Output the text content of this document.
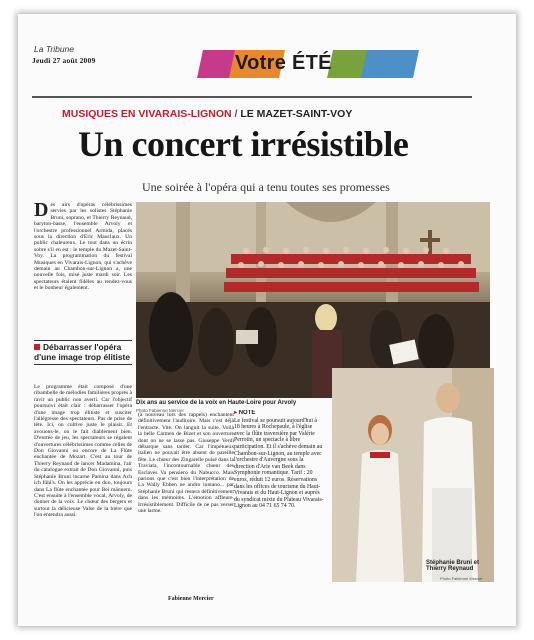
La Tribune
Jeudi 27 août 2009	Votre ÉTÉ
MUSIQUES EN VIVARAIS-LIGNON / LE MAZET-SAINT-VOY
Un concert irrésistible
Une soirée à l'opéra qui a tenu toutes ses promesses
Des airs d'opéras célébrissimes servies par les solistes Stéphanie Bruni, soprano, et Thierry Reynaud, baryton-basse, l'ensemble Arvoly et l'orchestre professionnel Armida, placés sous la direction d'Eric Mauclaux. Un public chaleureux. Le tout dans un écrin sobre s'il en est : le temple du Mazet-Saint-Voy. La programmation du festival Musiques en Vivarais-Lignon, qui s'achève demain au Chambon-sur-Lignon a, une nouvelle fois, misé juste mardi soir. Les spectateurs étaient fidèles au rendez-vous et le bonheur également.
Débarrasser l'opéra d'une image trop élitiste
Le programme était composé d'une ribambelle de mélodies familières propres à ravir un public non averti. Car l'objectif poursuivi était clair : débarrasser l'opéra d'une image trop élitiste et susciter l'allégresse des spectateurs. Pas de prise de tête. Ici, on cultive juste le plaisir. Et avouons-le, on le fait diablement bien. D'entrée de jeu, les spectateurs se régalent d'ouvertures célébrissimes comme celles de Don Giovanni ou encore de La Flûte enchantée de Mozart. C'est au tour de Thierry Reynaud de lancer Madamina, l'air du catalogue extrait de Don Giovanni, puis Stéphanie Bruni incarne Pamina dans Ach ich fühl's. On les apprécie en duo, toujours dans La flûte enchantée pour Bei männern. C'est ensuite à l'ensemble vocal, Arvoly, de donner de la voix. Le chœur des bergers et surtout la délicieuse Valse de la bière que l'on entendra aussi.
Dix ans au service de la voix en Haute-Loire pour Arvoly
Photo Fabienne Mercier
(à nouveau lors des rappels) enchantent définitivement l'auditoire. Mais c'est déjà l'entracte. Vite. On languit la suite. Voilà la belle Carmen de Bizet et son ouverture dont on ne se lasse pas. Giuseppe Verdi débarque sans tarder. Car l'impétueux italien ne pouvait être absent de pareille fête. Le chœur des Zingarelle puisé dans la Traviata, l'incontournable chœur des Esclaves Va pensiero du Nabucco. Mais parions que c'est bien l'interprétation de La Wally Ebben ne andro lontano... par Stéphanie Bruni qui restera définitivement dans les mémoires. L'émotion affleure. Irrésistiblement. Difficile de ne pas verser une larme.
Fabienne Mercier
▸ NOTE
Le festival se poursuit aujourd'hui à 18 heures à Rochepaule, à l'église avec la flûte traversière par Valérie Perrotin, un spectacle à libre participation. Et il s'achève demain au Chambon-sur-Lignon, au temple avec l'orchestre d'Auvergne sous la direction d'Arie van Beek dans Symphonie romantique. Tarif : 20 euros, réduit 12 euros. Réservations dans les offices de tourisme du Haut-Vivarais et du Haut-Lignon et auprès du syndicat mixte du Plateau Vivarais-Lignon au 04 71 65 74 70.
Stéphanie Bruni et Thierry Reynaud
Photo Fabienne Mercier
